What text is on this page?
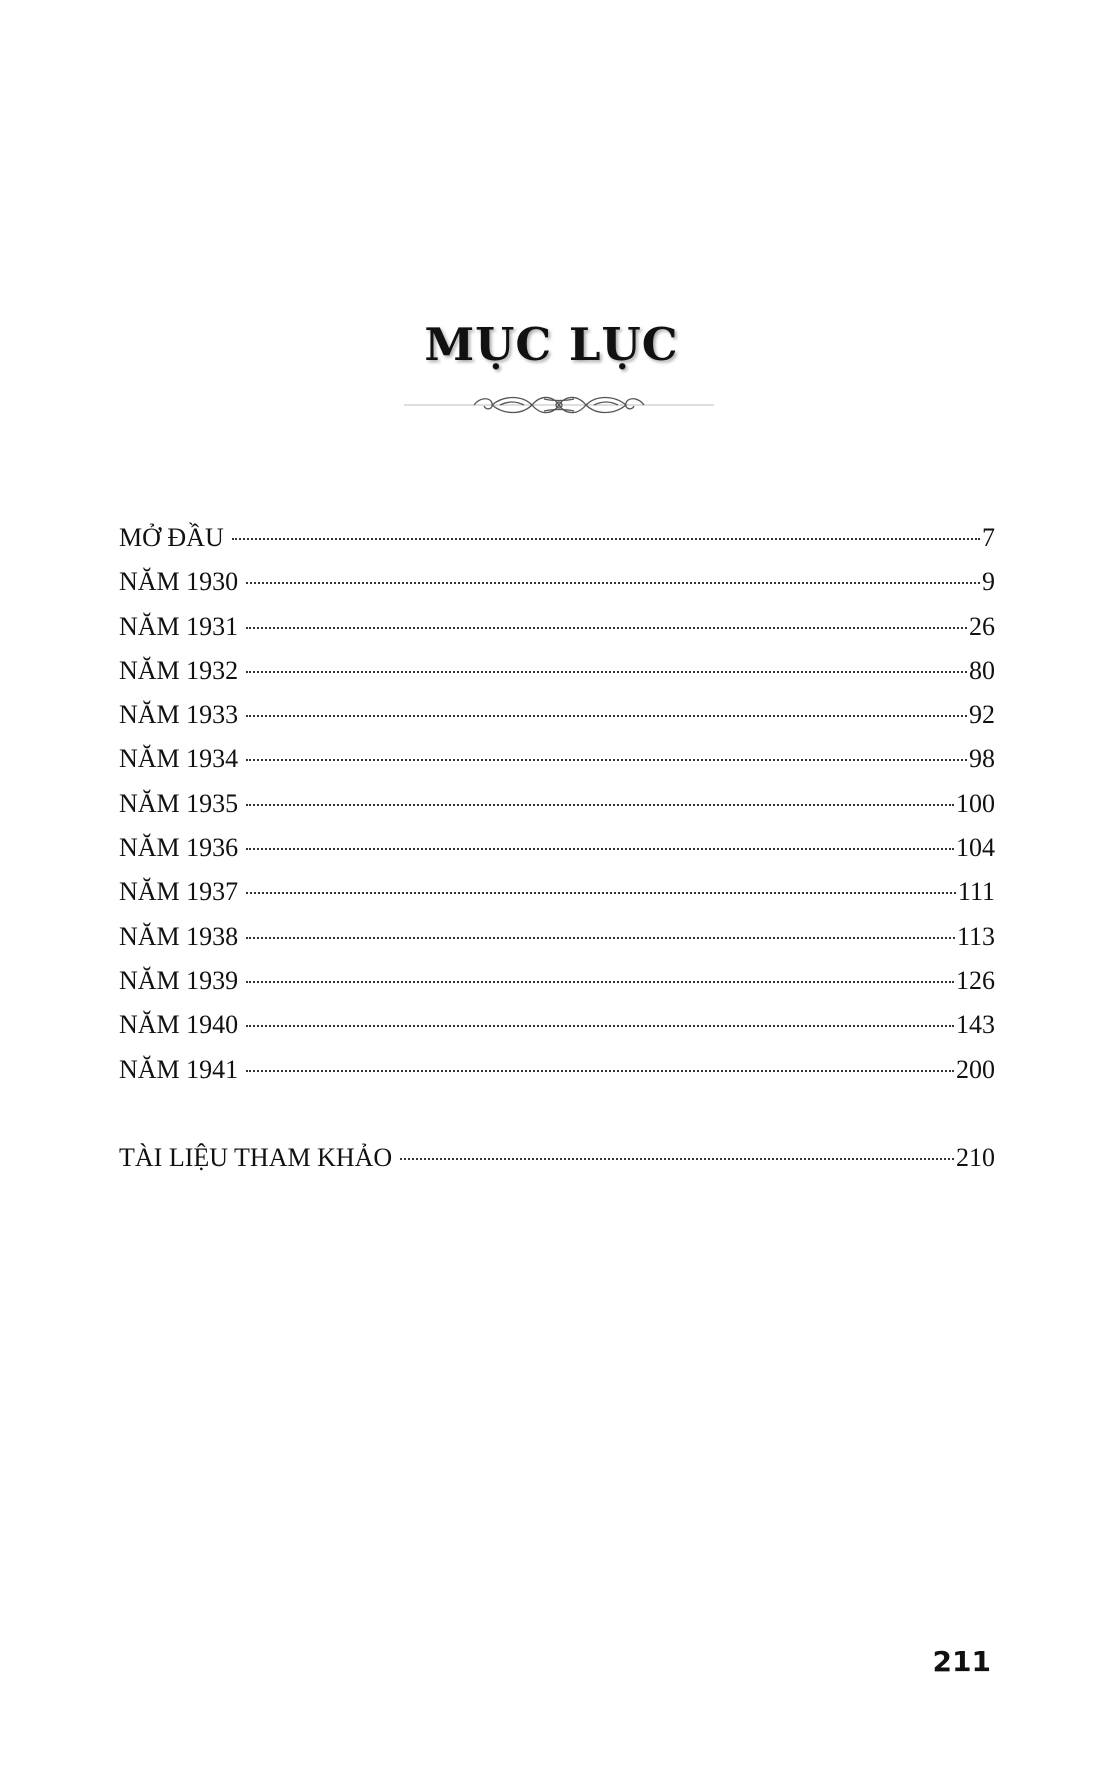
MỤC LỤC
MỞ ĐẦU	7
NĂM 1930	9
NĂM 1931	26
NĂM 1932	80
NĂM 1933	92
NĂM 1934	98
NĂM 1935	100
NĂM 1936	104
NĂM 1937	111
NĂM 1938	113
NĂM 1939	126
NĂM 1940	143
NĂM 1941	200
TÀI LIỆU THAM KHẢO	210
211
